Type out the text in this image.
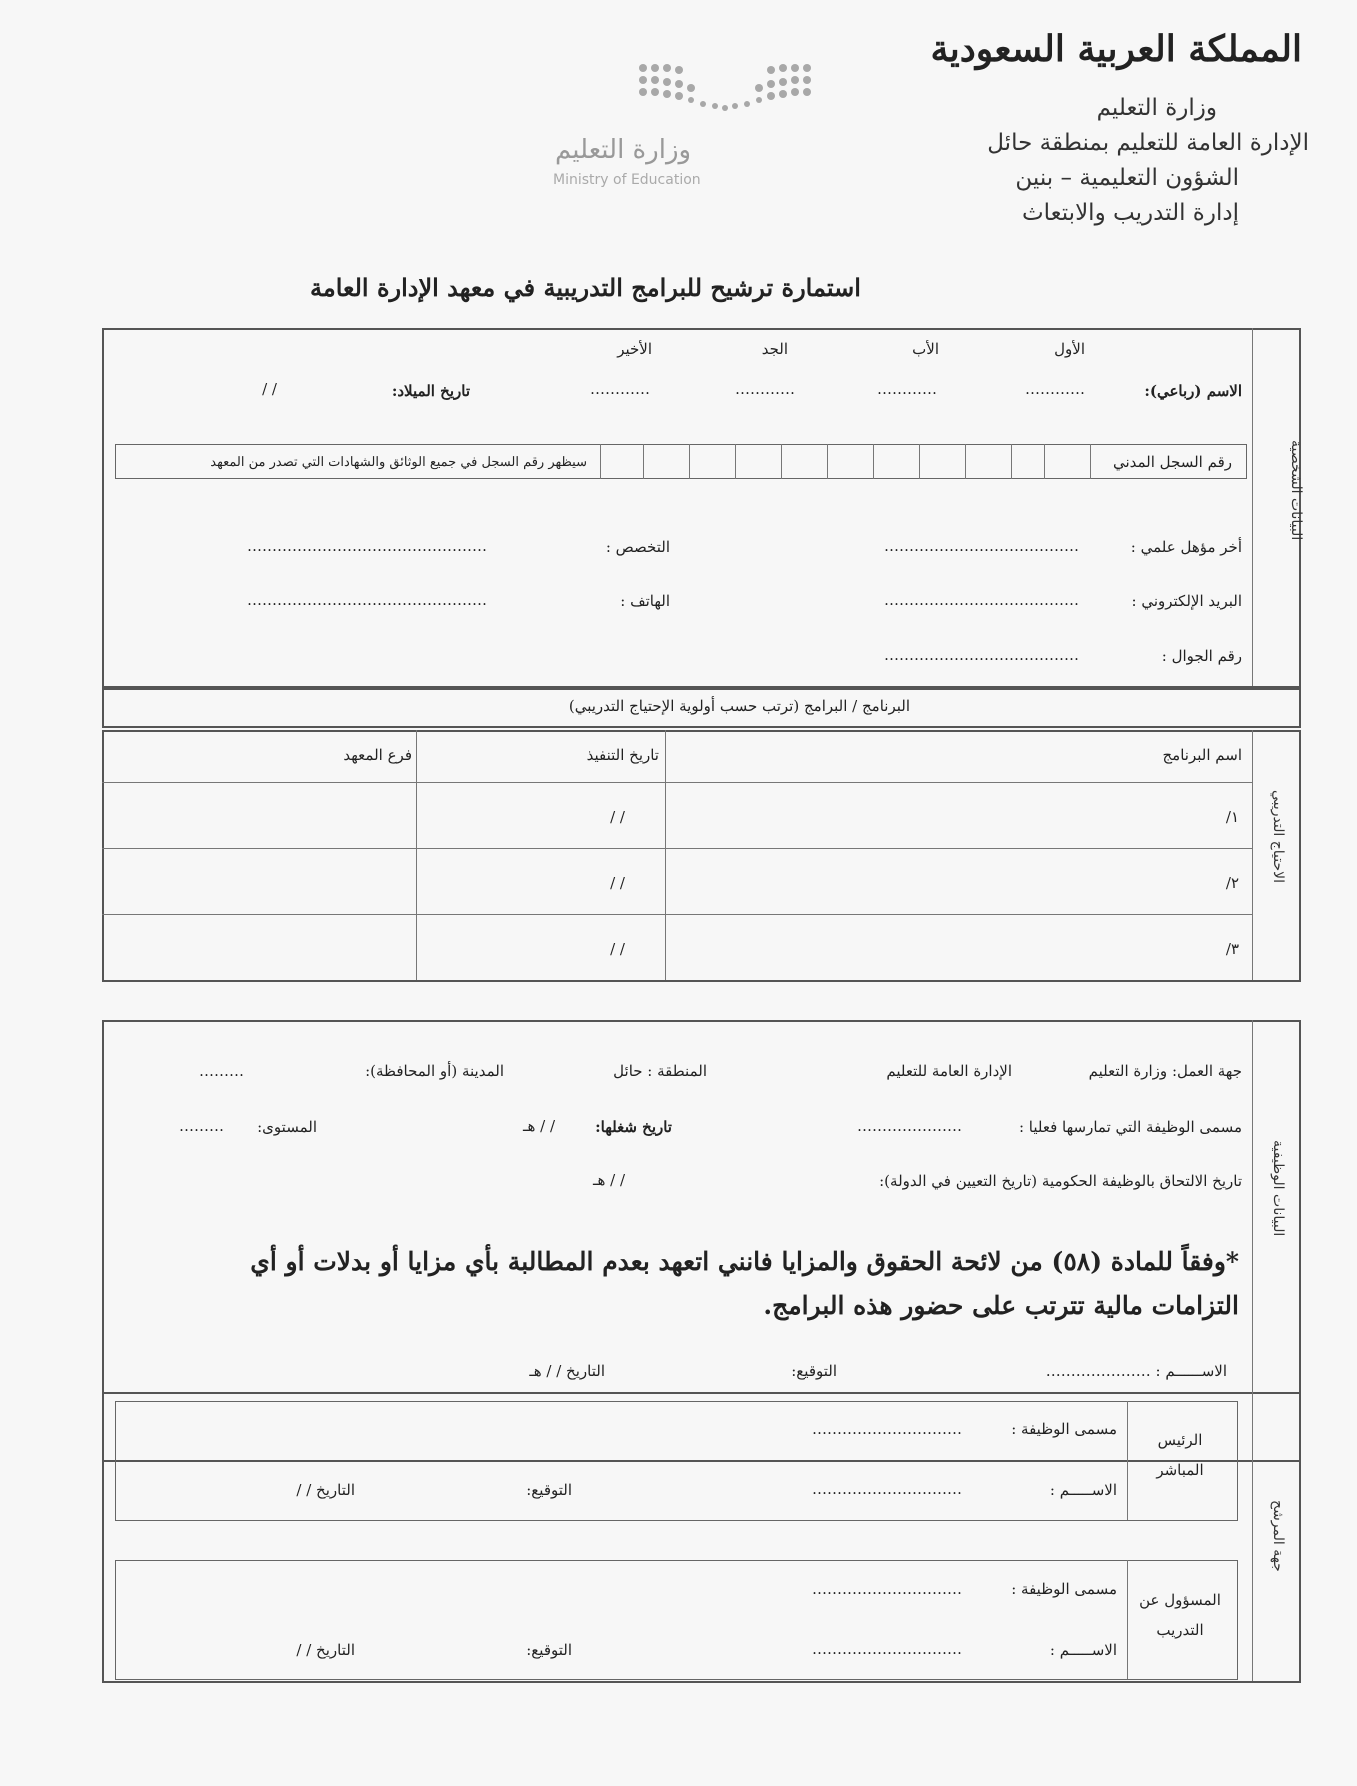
المملكة العربية السعودية
وزارة التعليم
الإدارة العامة للتعليم بمنطقة حائل
الشؤون التعليمية – بنين
إدارة التدريب والابتعاث
وزارة التعليم
Ministry of Education
استمارة ترشيح للبرامج التدريبية في معهد الإدارة العامة
البيانات الشخصية
الأول
الأب
الجد
الأخير
الاسم (رباعي):
…………
…………
…………
…………
تاريخ الميلاد:
/ /
رقم السجل المدني
سيظهر رقم السجل في جميع الوثائق والشهادات التي تصدر من المعهد
أخر مؤهل علمي :
…………………………………
التخصص :
…………………………………………
البريد الإلكتروني :
…………………………………
الهاتف :
…………………………………………
رقم الجوال :
…………………………………
البرنامج / البرامج (ترتب حسب أولوية الإحتياج التدريبي)
الاحتياج التدريبي
اسم البرنامج
تاريخ التنفيذ
فرع المعهد
١/
/ /
٢/
/ /
٣/
/ /
البيانات الوظيفية
جهة العمل: وزارة التعليم
الإدارة العامة للتعليم
المنطقة : حائل
المدينة (أو المحافظة):
………
مسمى الوظيفة التي تمارسها فعليا :
…………………
تاريخ شغلها:
/ / هـ
المستوى:
………
تاريخ الالتحاق بالوظيفة الحكومية (تاريخ التعيين في الدولة):
/ / هـ
*وفقاً للمادة (٥٨) من لائحة الحقوق والمزايا فانني اتعهد بعدم المطالبة بأي مزايا أو بدلات أو أي التزامات مالية تترتب على حضور هذه البرامج.
الاســــــم : …………………
التوقيع:
التاريخ / / هـ
جهة المرشح
الرئيس المباشر
مسمى الوظيفة :
…………………………
الاســـــم :
…………………………
التوقيع:
التاريخ / /
المسؤول عن التدريب
مسمى الوظيفة :
…………………………
الاســـــم :
…………………………
التوقيع:
التاريخ / /
